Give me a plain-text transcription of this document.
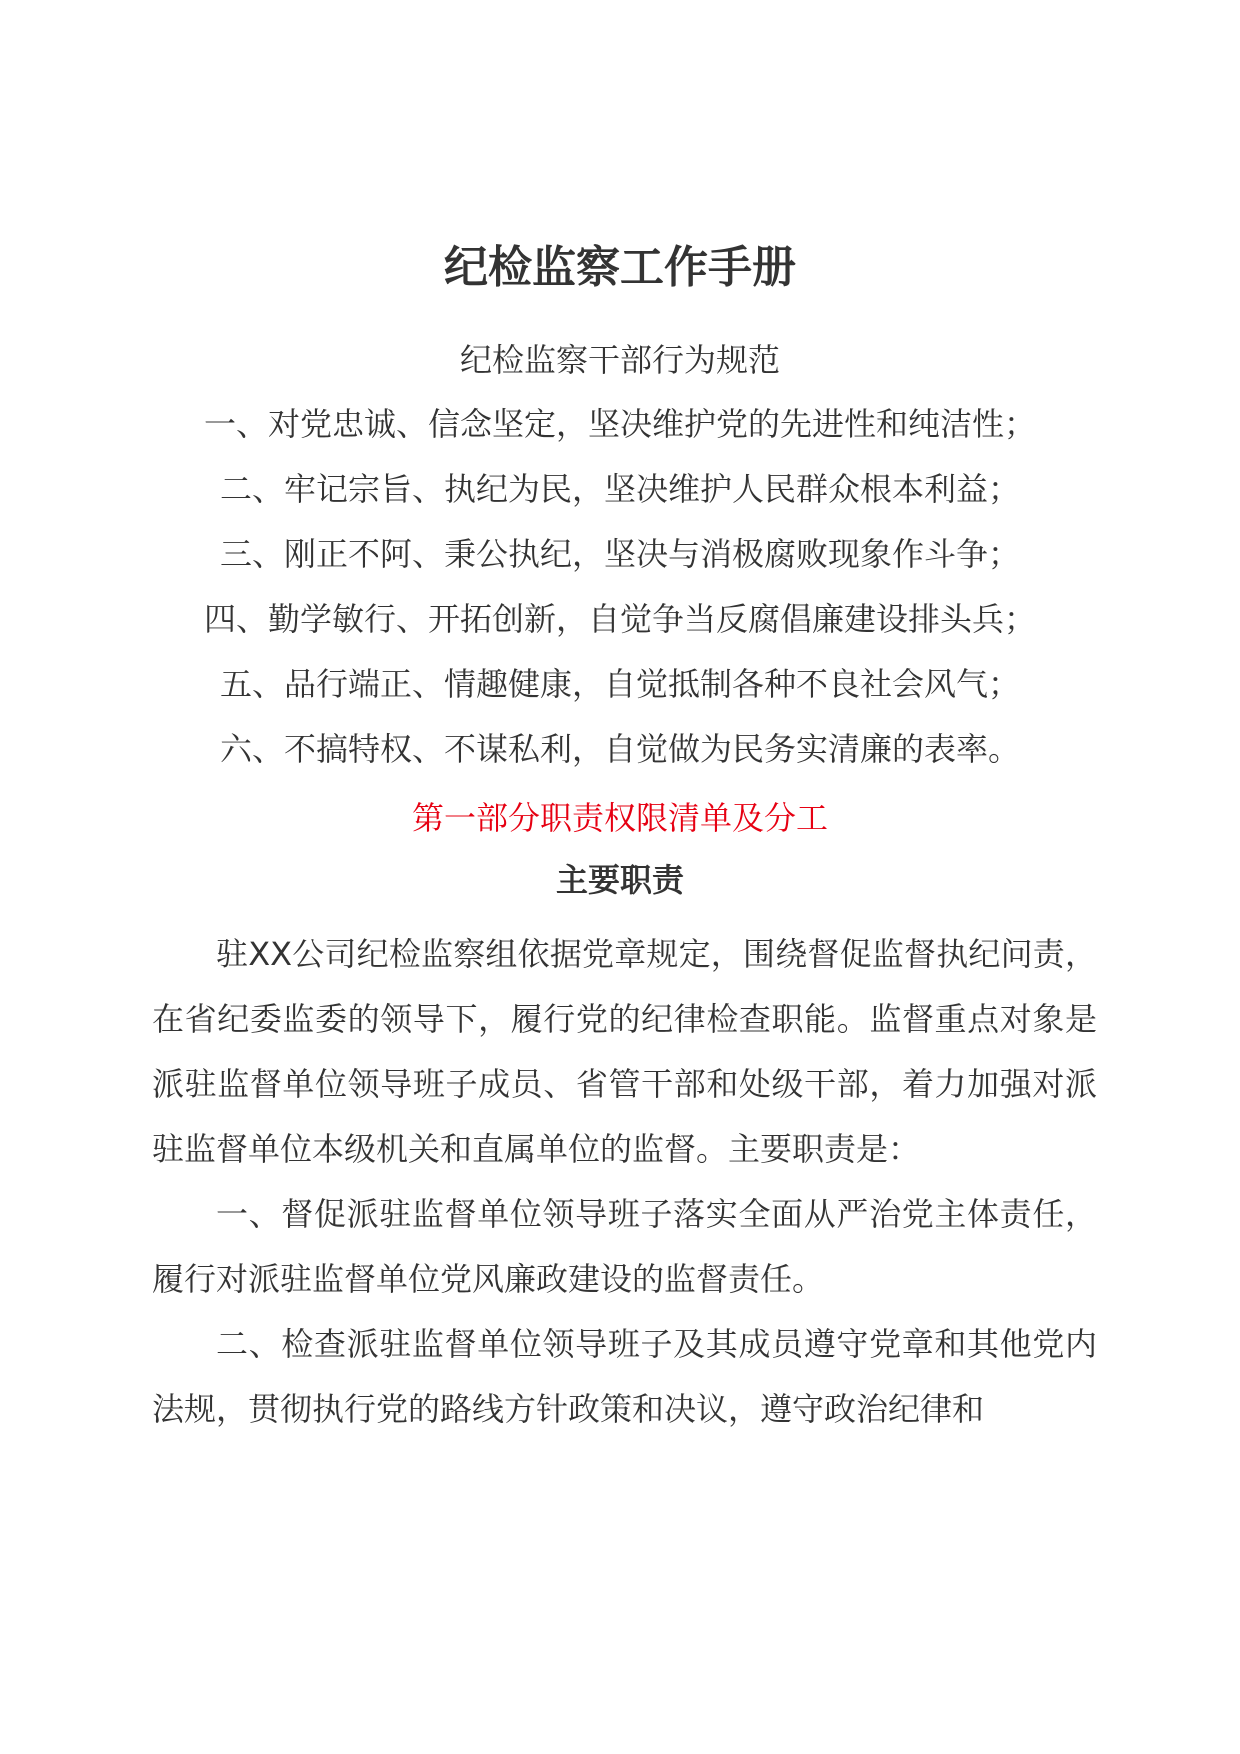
纪检监察工作手册
纪检监察干部行为规范
一、对党忠诚、信念坚定，坚决维护党的先进性和纯洁性；
二、牢记宗旨、执纪为民，坚决维护人民群众根本利益；
三、刚正不阿、秉公执纪，坚决与消极腐败现象作斗争；
四、勤学敏行、开拓创新，自觉争当反腐倡廉建设排头兵；
五、品行端正、情趣健康，自觉抵制各种不良社会风气；
六、不搞特权、不谋私利，自觉做为民务实清廉的表率。
第一部分职责权限清单及分工
主要职责

驻XX公司纪检监察组依据党章规定，围绕督促监督执纪问责，在省纪委监委的领导下，履行党的纪律检查职能。监督重点对象是派驻监督单位领导班子成员、省管干部和处级干部，着力加强对派驻监督单位本级机关和直属单位的监督。主要职责是：

一、督促派驻监督单位领导班子落实全面从严治党主体责任，履行对派驻监督单位党风廉政建设的监督责任。

二、检查派驻监督单位领导班子及其成员遵守党章和其他党内法规，贯彻执行党的路线方针政策和决议，遵守政治纪律和
